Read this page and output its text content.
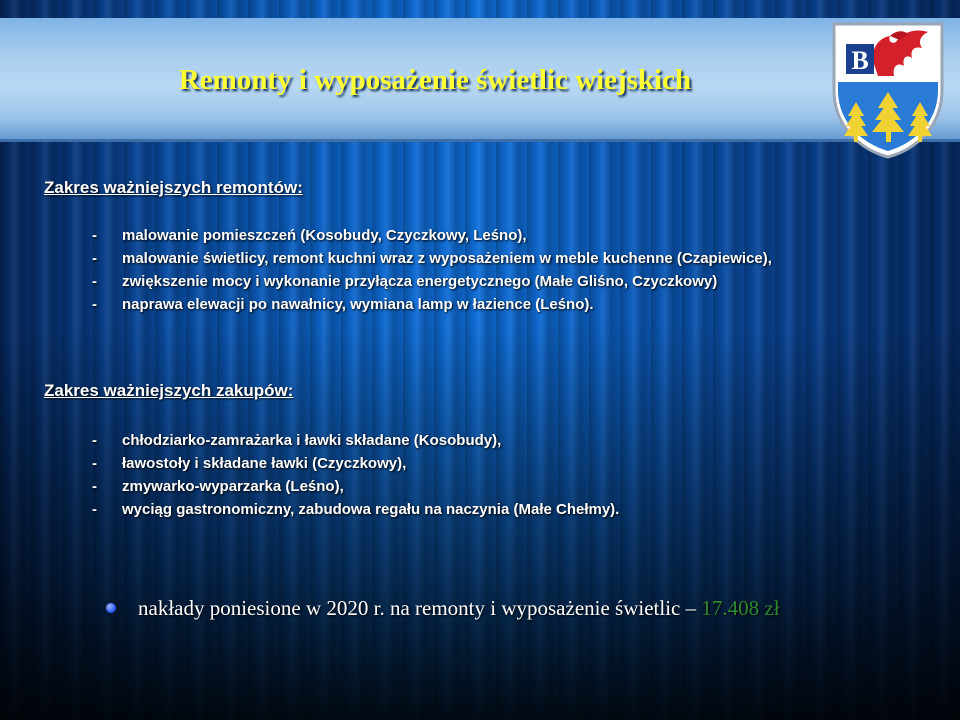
Remonty i wyposażenie świetlic wiejskich
B
Zakres ważniejszych remontów:
- malowanie pomieszczeń (Kosobudy, Czyczkowy, Leśno),
- malowanie świetlicy, remont kuchni wraz z wyposażeniem w meble kuchenne (Czapiewice),
- zwiększenie mocy i wykonanie przyłącza energetycznego (Małe Gliśno, Czyczkowy)
- naprawa elewacji po nawałnicy, wymiana lamp w łazience (Leśno).
Zakres ważniejszych zakupów:
- chłodziarko-zamrażarka i ławki składane (Kosobudy),
- ławostoły i składane ławki (Czyczkowy),
- zmywarko-wyparzarka (Leśno),
- wyciąg gastronomiczny, zabudowa regału na naczynia (Małe Chełmy).
nakłady poniesione w 2020 r. na remonty i wyposażenie świetlic – 17.408 zł
